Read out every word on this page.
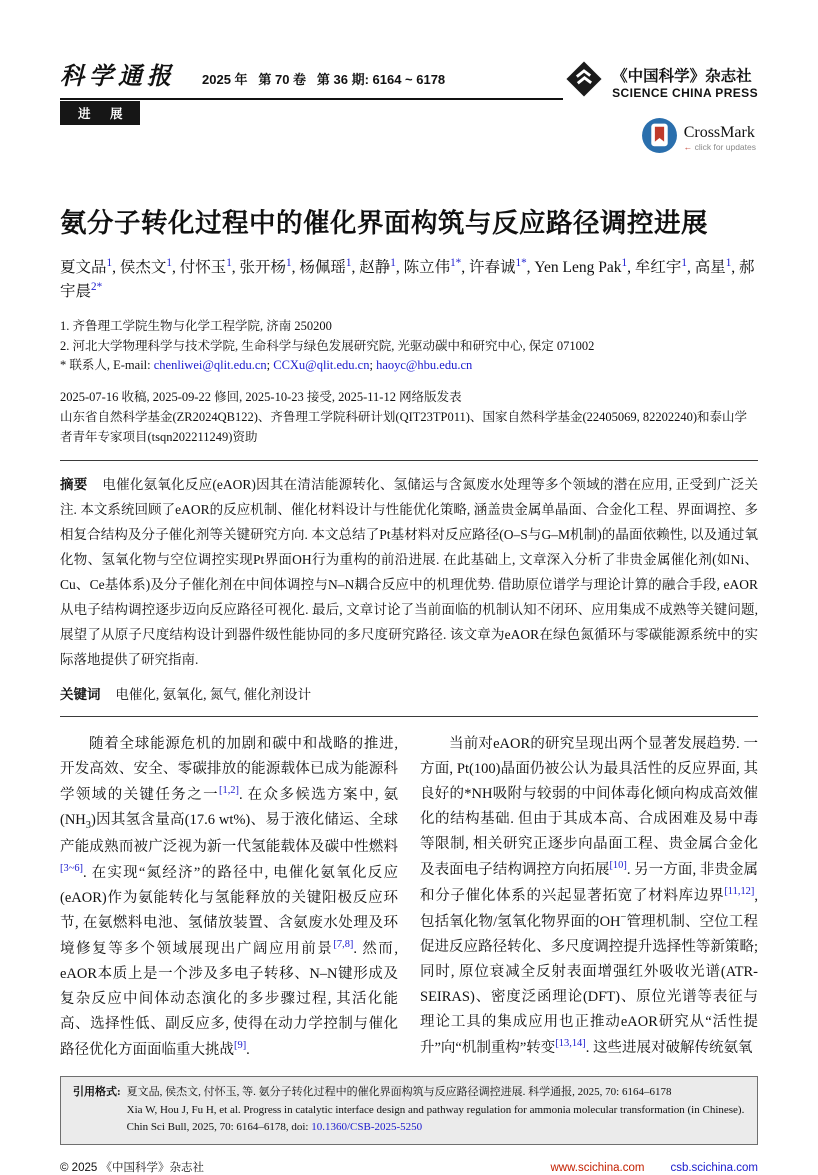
科学通报 2025 年   第 70 卷   第 36 期: 6164 ~ 6178
进 展
《中国科学》杂志社
SCIENCE CHINA PRESS
CrossMark
← click for updates
氨分子转化过程中的催化界面构筑与反应路径调控进展

夏文品$^1$, 侯杰文$^1$, 付怀玉$^1$, 张开杨$^1$, 杨佩瑶$^1$, 赵静$^1$, 陈立伟$^{1*}$, 许春诚$^{1*}$, Yen Leng Pak$^1$, 牟红宇$^1$, 高星$^1$, 郝宇晨$^{2*}$

1. 齐鲁理工学院生物与化学工程学院, 济南 250200
2. 河北大学物理科学与技术学院, 生命科学与绿色发展研究院, 光驱动碳中和研究中心, 保定 071002
* 联系人, E-mail: chenliwei@qlit.edu.cn; CCXu@qlit.edu.cn; haoyc@hbu.edu.cn
2025-07-16 收稿, 2025-09-22 修回, 2025-10-23 接受, 2025-11-12 网络版发表
山东省自然科学基金(ZR2024QB122)、齐鲁理工学院科研计划(QIT23TP011)、国家自然科学基金(22405069, 82202240)和泰山学者青年专家项目(tsqn202211249)资助

摘要 电催化氨氧化反应(eAOR)因其在清洁能源转化、氢储运与含氮废水处理等多个领域的潜在应用, 正受到广泛关注. 本文系统回顾了eAOR的反应机制、催化材料设计与性能优化策略, 涵盖贵金属单晶面、合金化工程、界面调控、多相复合结构及分子催化剂等关键研究方向. 本文总结了Pt基材料对反应路径(O–S与G–M机制)的晶面依赖性, 以及通过氧化物、氢氧化物与空位调控实现Pt界面OH行为重构的前沿进展. 在此基础上, 文章深入分析了非贵金属催化剂(如Ni、Cu、Ce基体系)及分子催化剂在中间体调控与N–N耦合反应中的机理优势. 借助原位谱学与理论计算的融合手段, eAOR从电子结构调控逐步迈向反应路径可视化. 最后, 文章讨论了当前面临的机制认知不闭环、应用集成不成熟等关键问题, 展望了从原子尺度结构设计到器件级性能协同的多尺度研究路径. 该文章为eAOR在绿色氮循环与零碳能源系统中的实际落地提供了研究指南.

关键词 电催化, 氨氧化, 氮气, 催化剂设计

随着全球能源危机的加剧和碳中和战略的推进, 开发高效、安全、零碳排放的能源载体已成为能源科学领域的关键任务之一[1,2]. 在众多候选方案中, 氨$(NH_3)$因其氢含量高(17.6 wt%)、易于液化储运、全球产能成熟而被广泛视为新一代氢能载体及碳中性燃料[3~6]. 在实现“氮经济”的路径中, 电催化氨氧化反应(eAOR)作为氨能转化与氢能释放的关键阳极反应环节, 在氨燃料电池、氢储放装置、含氨废水处理及环境修复等多个领域展现出广阔应用前景[7,8]. 然而, eAOR本质上是一个涉及多电子转移、N–N键形成及复杂反应中间体动态演化的多步骤过程, 其活化能高、选择性低、副反应多, 使得在动力学控制与催化路径优化方面面临重大挑战[9].

当前对eAOR的研究呈现出两个显著发展趋势. 一方面, Pt(100)晶面仍被公认为最具活性的反应界面, 其良好的*NH吸附与较弱的中间体毒化倾向构成高效催化的结构基础. 但由于其成本高、合成困难及易中毒等限制, 相关研究正逐步向晶面工程、贵金属合金化及表面电子结构调控方向拓展[10]. 另一方面, 非贵金属和分子催化体系的兴起显著拓宽了材料库边界[11,12], 包括氧化物/氢氧化物界面的OH−管理机制、空位工程促进反应路径转化、多尺度调控提升选择性等新策略; 同时, 原位衰减全反射表面增强红外吸收光谱(ATR-SEIRAS)、密度泛函理论(DFT)、原位光谱等表征与理论工具的集成应用也正推动eAOR研究从“活性提升”向“机制重构”转变[13,14]. 这些进展对破解传统氨氧

引用格式: 夏文品, 侯杰文, 付怀玉, 等. 氨分子转化过程中的催化界面构筑与反应路径调控进展. 科学通报, 2025, 70: 6164–6178
Xia W, Hou J, Fu H, et al. Progress in catalytic interface design and pathway regulation for ammonia molecular transformation (in Chinese). Chin Sci Bull, 2025, 70: 6164–6178, doi: 10.1360/CSB-2025-5250
© 2025 《中国科学》杂志社	www.scichina.com csb.scichina.com
